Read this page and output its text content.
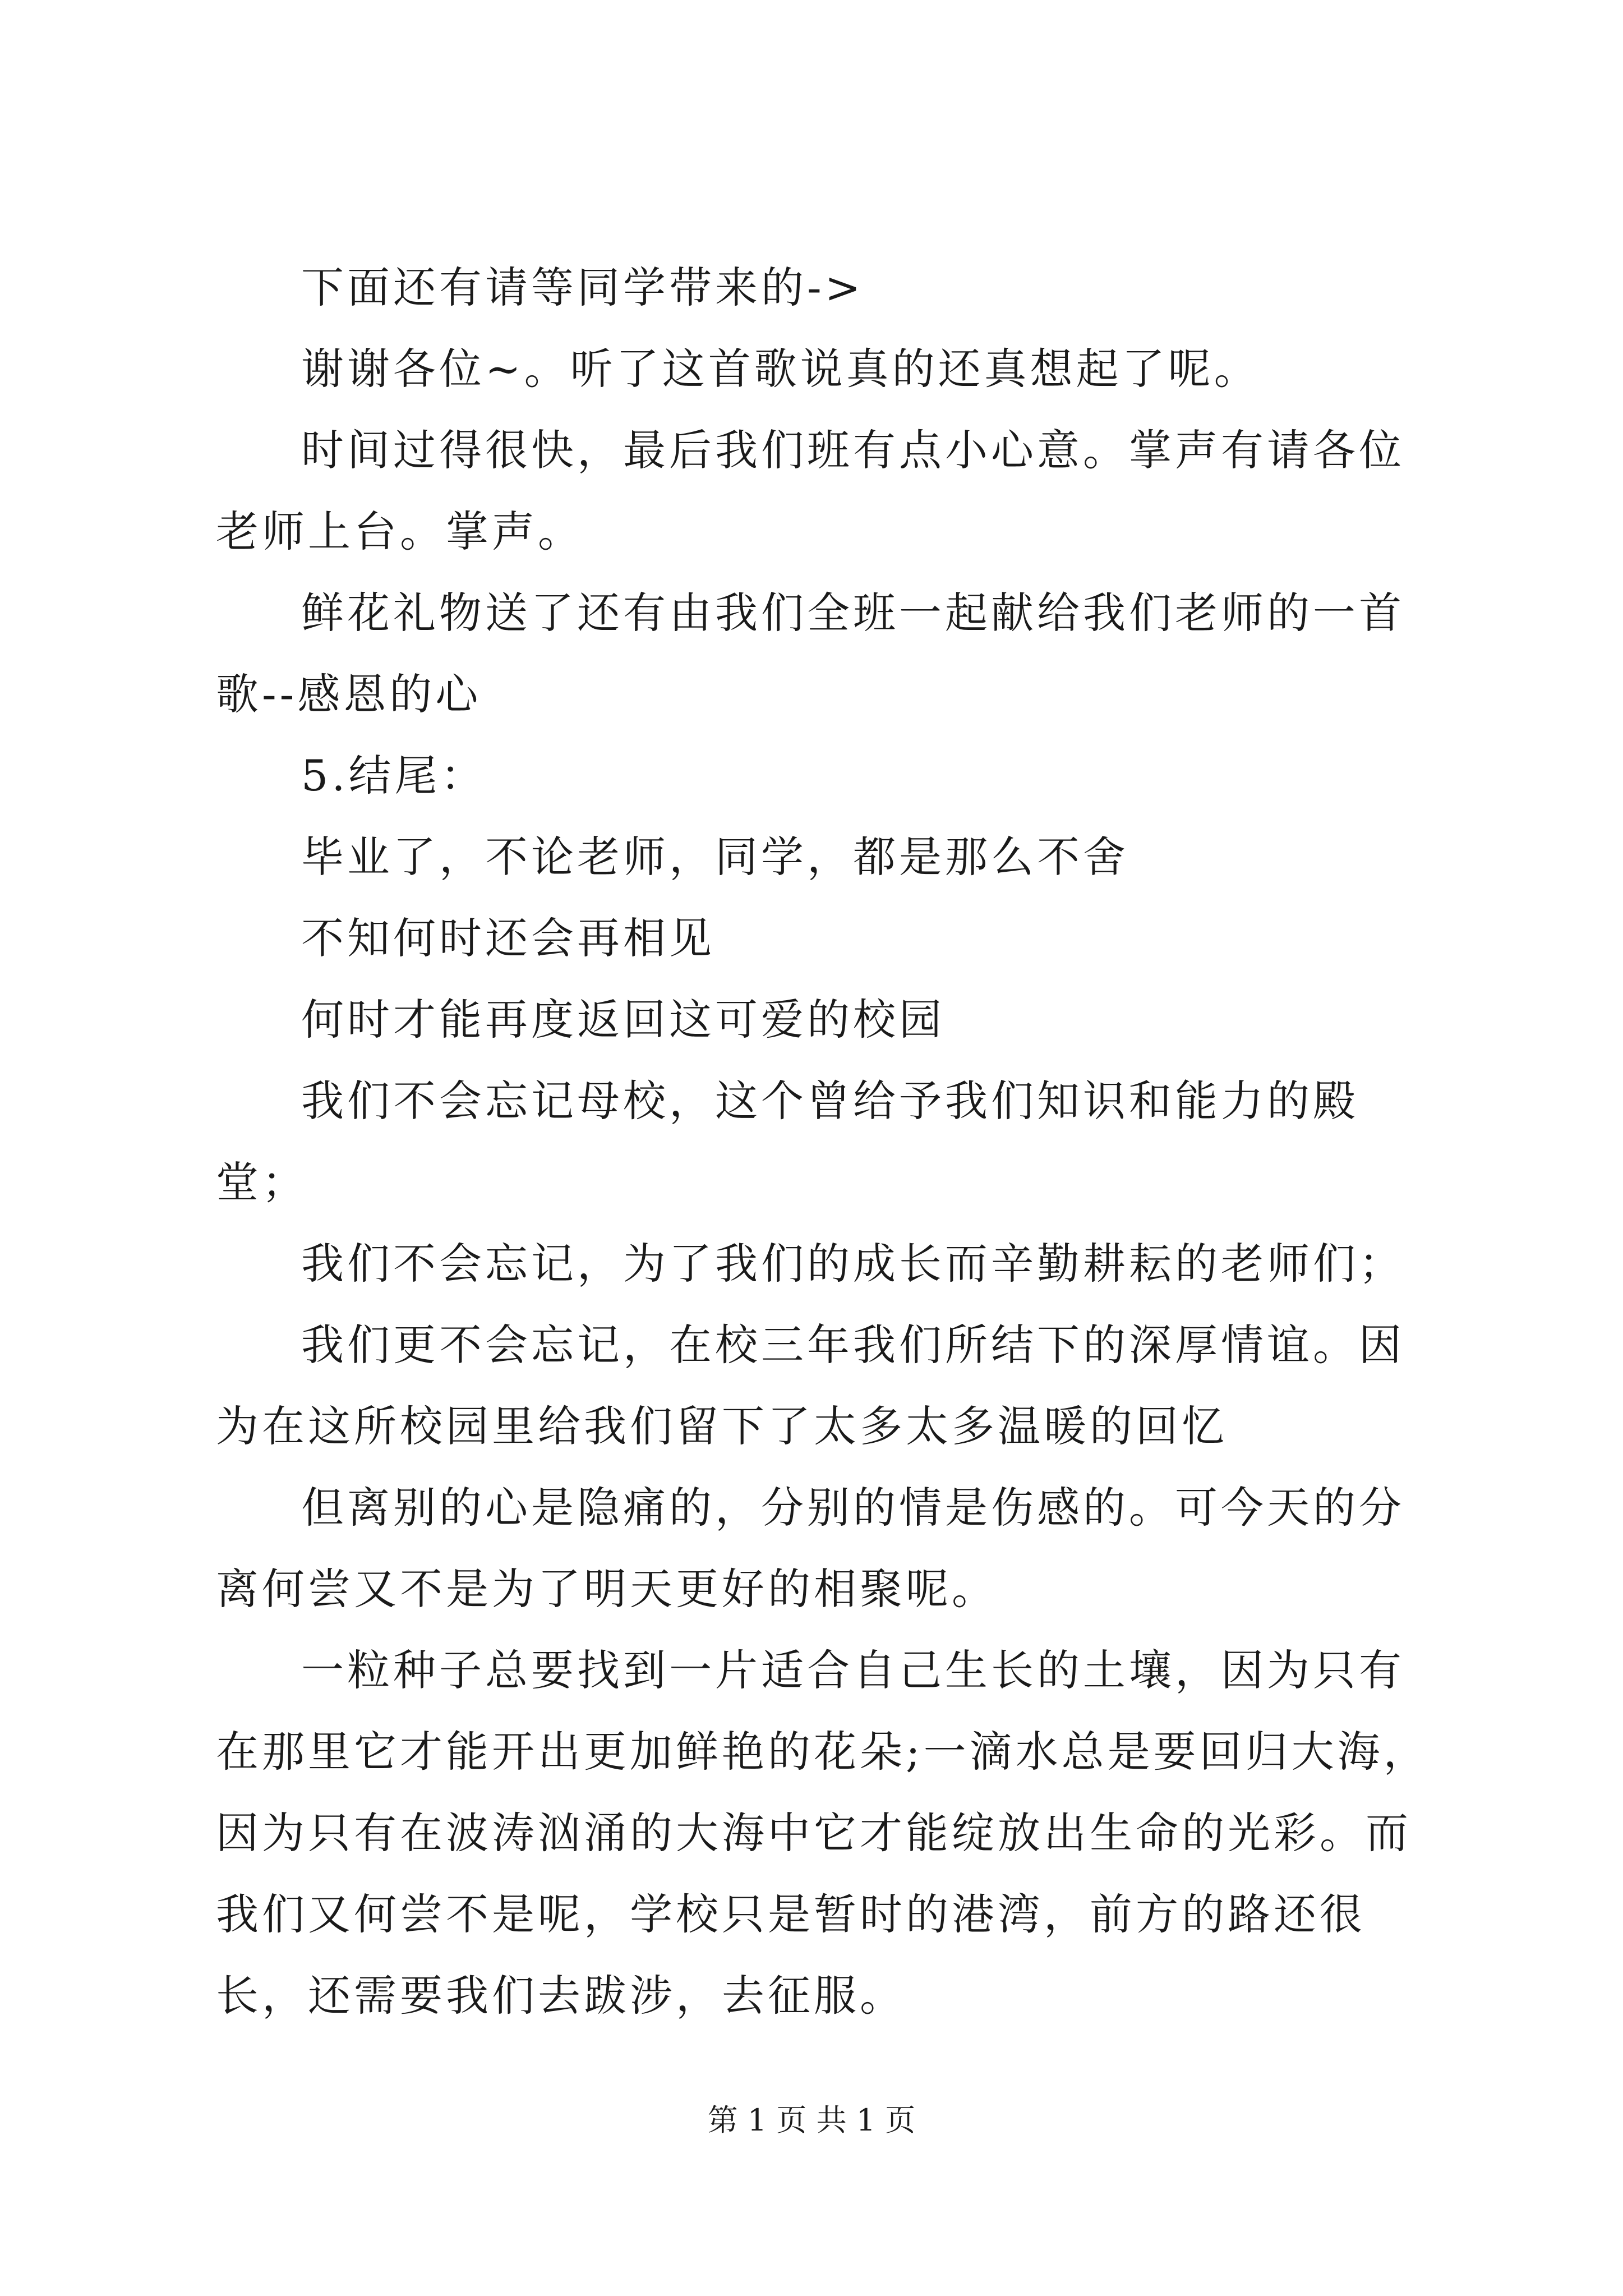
下面还有请等同学带来的->

谢谢各位~。听了这首歌说真的还真想起了呢。

时间过得很快，最后我们班有点小心意。掌声有请各位老师上台。掌声。

鲜花礼物送了还有由我们全班一起献给我们老师的一首歌--感恩的心

5.结尾：

毕业了，不论老师，同学，都是那么不舍

不知何时还会再相见

何时才能再度返回这可爱的校园

我们不会忘记母校，这个曾给予我们知识和能力的殿堂；

我们不会忘记，为了我们的成长而辛勤耕耘的老师们；

我们更不会忘记，在校三年我们所结下的深厚情谊。因为在这所校园里给我们留下了太多太多温暖的回忆

但离别的心是隐痛的，分别的情是伤感的。可今天的分离何尝又不是为了明天更好的相聚呢。

一粒种子总要找到一片适合自己生长的土壤，因为只有在那里它才能开出更加鲜艳的花朵;一滴水总是要回归大海，因为只有在波涛汹涌的大海中它才能绽放出生命的光彩。而我们又何尝不是呢，学校只是暂时的港湾，前方的路还很长，还需要我们去跋涉，去征服。

第 1 页 共 1 页
